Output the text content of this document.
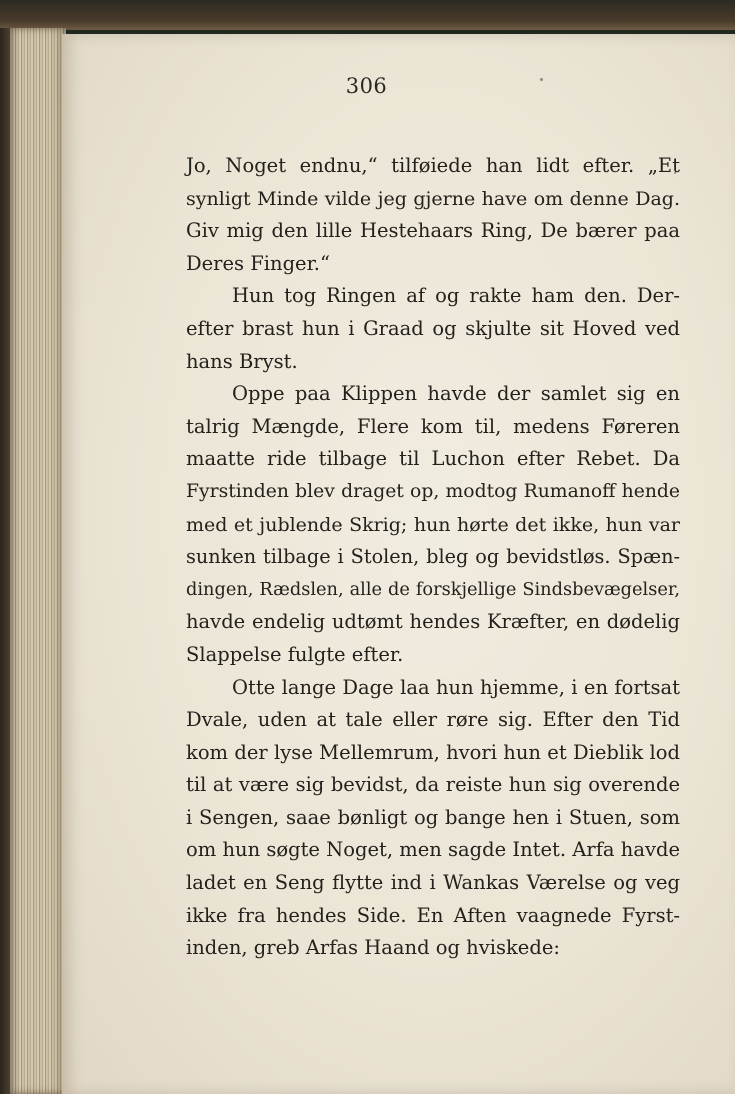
306
Jo, Noget endnu,“ tilføiede han lidt efter. „Et
synligt Minde vilde jeg gjerne have om denne Dag.
Giv mig den lille Hestehaars Ring, De bærer paa
Deres Finger.“
Hun tog Ringen af og rakte ham den. Der-
efter brast hun i Graad og skjulte sit Hoved ved
hans Bryst.
Oppe paa Klippen havde der samlet sig en
talrig Mængde, Flere kom til, medens Føreren
maatte ride tilbage til Luchon efter Rebet. Da
Fyrstinden blev draget op, modtog Rumanoff hende
med et jublende Skrig; hun hørte det ikke, hun var
sunken tilbage i Stolen, bleg og bevidstløs. Spæn-
dingen, Rædslen, alle de forskjellige Sindsbevægelser,
havde endelig udtømt hendes Kræfter, en dødelig
Slappelse fulgte efter.
Otte lange Dage laa hun hjemme, i en fortsat
Dvale, uden at tale eller røre sig. Efter den Tid
kom der lyse Mellemrum, hvori hun et Dieblik lod
til at være sig bevidst, da reiste hun sig overende
i Sengen, saae bønligt og bange hen i Stuen, som
om hun søgte Noget, men sagde Intet. Arfa havde
ladet en Seng flytte ind i Wankas Værelse og veg
ikke fra hendes Side. En Aften vaagnede Fyrst-
inden, greb Arfas Haand og hviskede:
